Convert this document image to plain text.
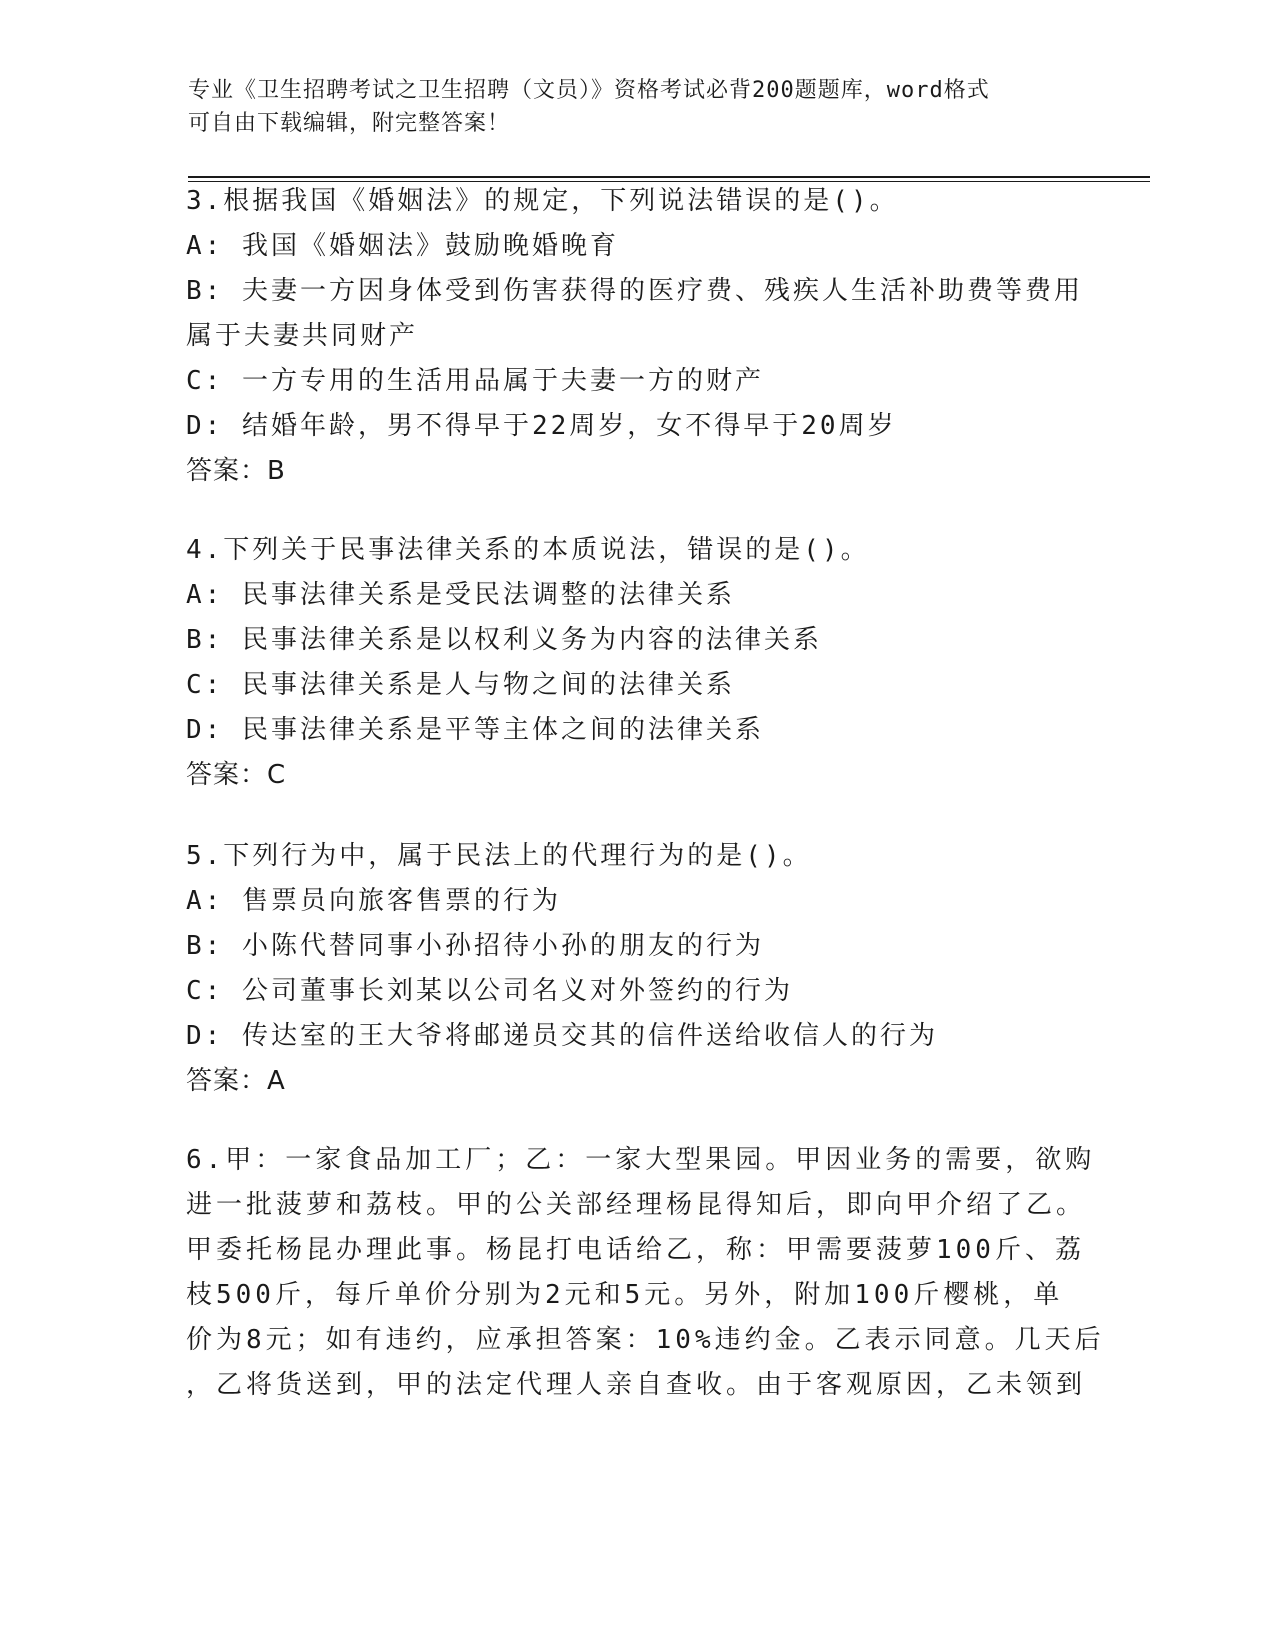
专业《卫生招聘考试之卫生招聘（文员）》资格考试必背200题题库，word格式
可自由下载编辑，附完整答案！
3.根据我国《婚姻法》的规定，下列说法错误的是()。
A: 我国《婚姻法》鼓励晚婚晚育
B: 夫妻一方因身体受到伤害获得的医疗费、残疾人生活补助费等费用
属于夫妻共同财产
C: 一方专用的生活用品属于夫妻一方的财产
D: 结婚年龄，男不得早于22周岁，女不得早于20周岁
答案：B
4.下列关于民事法律关系的本质说法，错误的是()。
A: 民事法律关系是受民法调整的法律关系
B: 民事法律关系是以权利义务为内容的法律关系
C: 民事法律关系是人与物之间的法律关系
D: 民事法律关系是平等主体之间的法律关系
答案：C
5.下列行为中，属于民法上的代理行为的是()。
A: 售票员向旅客售票的行为
B: 小陈代替同事小孙招待小孙的朋友的行为
C: 公司董事长刘某以公司名义对外签约的行为
D: 传达室的王大爷将邮递员交其的信件送给收信人的行为
答案：A
6.甲：一家食品加工厂；乙：一家大型果园。甲因业务的需要，欲购
进一批菠萝和荔枝。甲的公关部经理杨昆得知后，即向甲介绍了乙。
甲委托杨昆办理此事。杨昆打电话给乙，称：甲需要菠萝100斤、荔
枝500斤，每斤单价分别为2元和5元。另外，附加100斤樱桃，单
价为8元；如有违约，应承担答案：10%违约金。乙表示同意。几天后
，乙将货送到，甲的法定代理人亲自查收。由于客观原因，乙未领到
